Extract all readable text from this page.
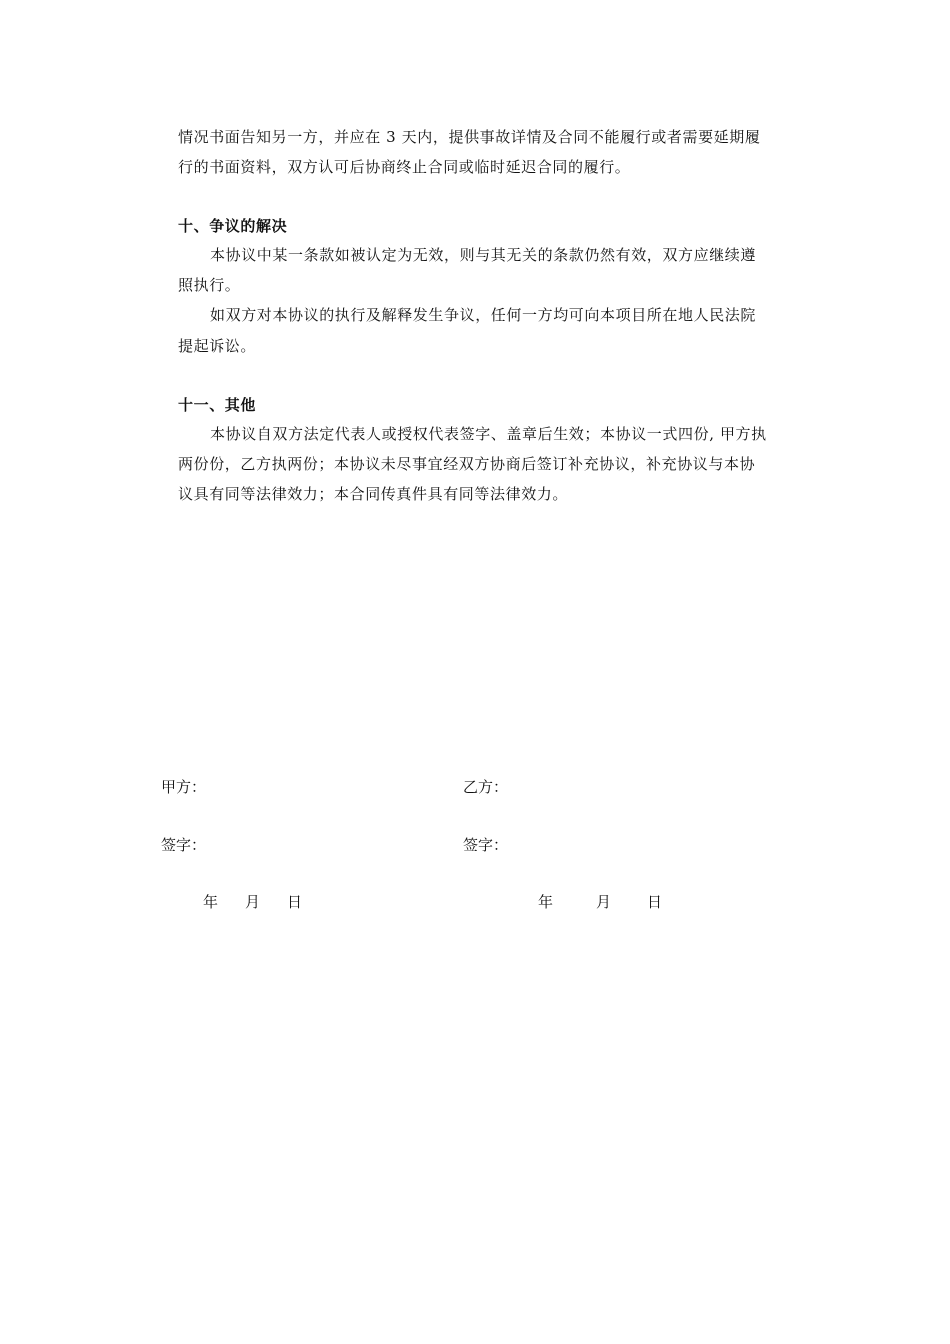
情况书面告知另一方，并应在 3 天内，提供事故详情及合同不能履行或者需要延期履
行的书面资料，双方认可后协商终止合同或临时延迟合同的履行。
十、争议的解决
本协议中某一条款如被认定为无效，则与其无关的条款仍然有效，双方应继续遵
照执行。
如双方对本协议的执行及解释发生争议，任何一方均可向本项目所在地人民法院
提起诉讼。
十一、其他
本协议自双方法定代表人或授权代表签字、盖章后生效；本协议一式四份, 甲方执
两份份，乙方执两份；本协议未尽事宜经双方协商后签订补充协议，补充协议与本协
议具有同等法律效力；本合同传真件具有同等法律效力。
甲方：
签字：
年 月 日
乙方：
签字：
年	月 日
